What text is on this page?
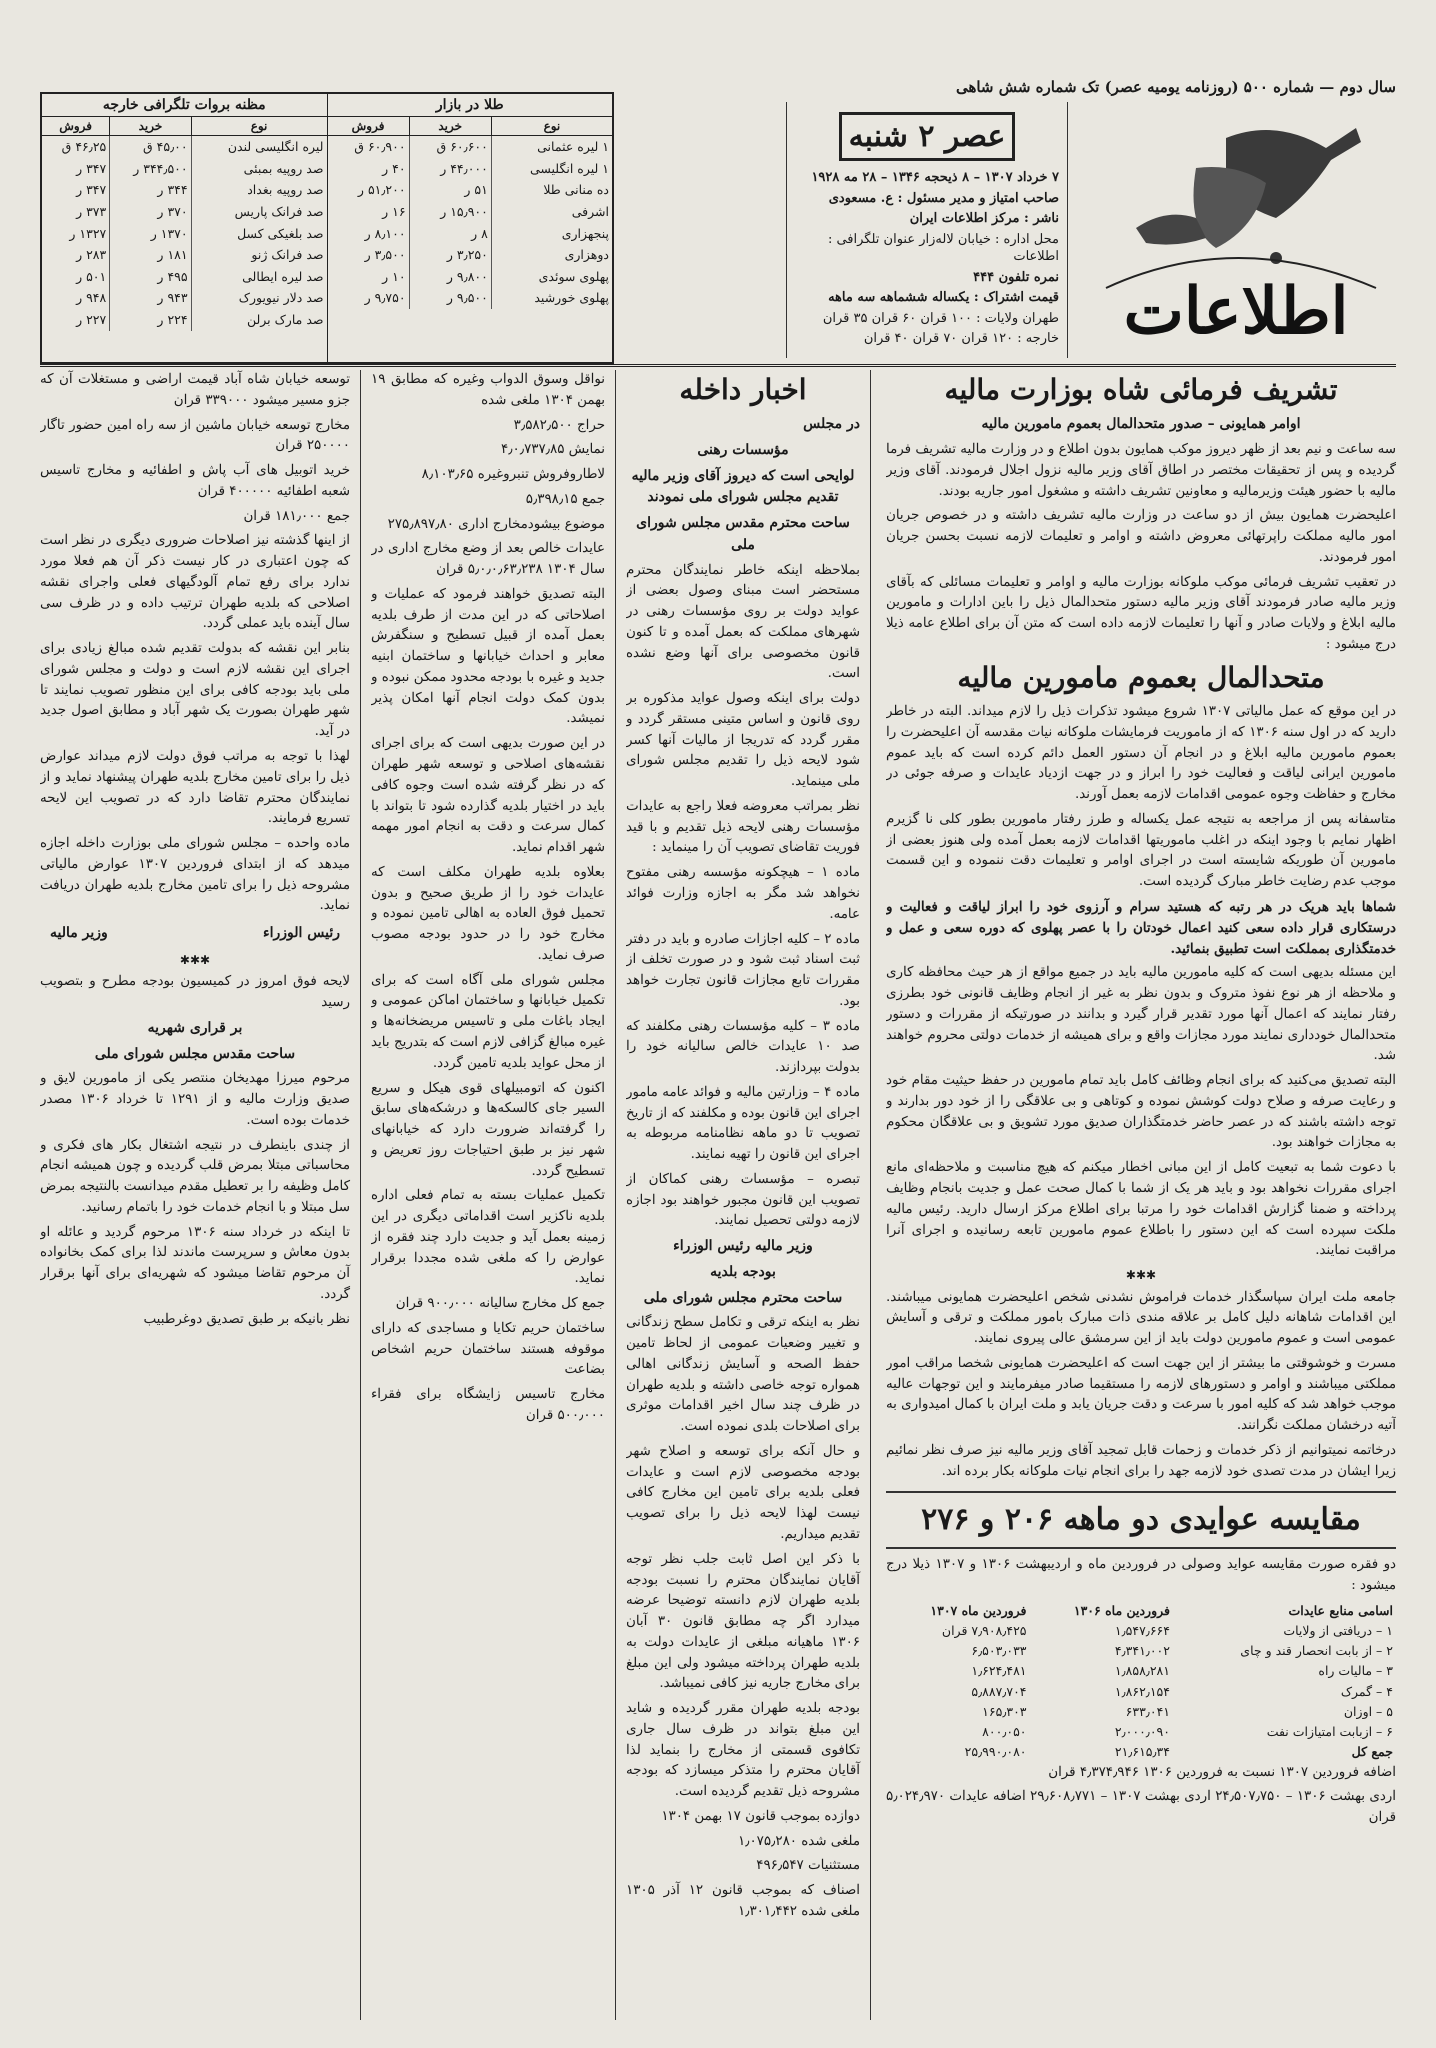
سال دوم — شماره ۵۰۰ (روزنامه یومیه عصر) تک شماره شش شاهی
اطلاعات
عصر ۲ شنبه

۷ خرداد ۱۳۰۷ – ۸ ذیحجه ۱۳۴۶ – ۲۸ مه ۱۹۲۸

صاحب امتیاز و مدیر مسئول : ع. مسعودی

ناشر : مرکز اطلاعات ایران

محل اداره : خیابان لاله‌زار عنوان تلگرافی : اطلاعات

نمره تلفون ۴۴۴

قیمت اشتراک : یکساله ششماهه سه ماهه

طهران ولایات : ۱۰۰ قران ۶۰ قران ۳۵ قران

خارجه : ۱۲۰ قران ۷۰ قران ۴۰ قران

طلا در بازار
نوع	خرید	فروش
۱ لیره عثمانی	۶۰٫۶۰۰ ق	۶۰٫۹۰۰ ق
۱ لیره انگلیسی	۴۴٫۰۰۰ ر	۴۰ ر
ده منانی طلا	۵۱ ر	۵۱٫۲۰۰ ر
اشرفی	۱۵٫۹۰۰ ر	۱۶ ر
پنجهزاری	۸ ر	۸٫۱۰۰ ر
دوهزاری	۳٫۲۵۰ ر	۳٫۵۰۰ ر
پهلوی سوئدی	۹٫۸۰۰ ر	۱۰ ر
پهلوی خورشید	۹٫۵۰۰ ر	۹٫۷۵۰ ر
مظنه بروات تلگرافی خارجه
نوع	خرید	فروش
لیره انگلیسی لندن	۴۵٫۰۰ ق	۴۶٫۲۵ ق
صد روپیه بمبئی	۳۴۴٫۵۰۰ ر	۳۴۷ ر
صد روپیه بغداد	۳۴۴ ر	۳۴۷ ر
صد فرانک پاریس	۳۷۰ ر	۳۷۳ ر
صد بلغیکی کسل	۱۳۷۰ ر	۱۳۲۷ ر
صد فرانک ژنو	۱۸۱ ر	۲۸۳ ر
صد لیره ایطالی	۴۹۵ ر	۵۰۱ ر
صد دلار نیویورک	۹۴۳ ر	۹۴۸ ر
صد مارک برلن	۲۲۴ ر	۲۲۷ ر
تشریف فرمائی شاه بوزارت مالیه
اوامر همایونی – صدور متحدالمال بعموم مامورین مالیه

سه ساعت و نیم بعد از ظهر دیروز موکب همایون بدون اطلاع و در وزارت مالیه تشریف فرما گردیده و پس از تحقیقات مختصر در اطاق آقای وزیر مالیه نزول اجلال فرمودند. آقای وزیر مالیه با حضور هیئت وزیرمالیه و معاونین تشریف داشته و مشغول امور جاریه بودند.

اعلیحضرت همایون بیش از دو ساعت در وزارت مالیه تشریف داشته و در خصوص جریان امور مالیه مملکت راپرتهائی معروض داشته و اوامر و تعلیمات لازمه نسبت بحسن جریان امور فرمودند.

در تعقیب تشریف فرمائی موکب ملوکانه بوزارت مالیه و اوامر و تعلیمات مسائلی که بآقای وزیر مالیه صادر فرمودند آقای وزیر مالیه دستور متحدالمال ذیل را باین ادارات و مامورین مالیه ابلاغ و ولایات صادر و آنها را تعلیمات لازمه داده است که متن آن برای اطلاع عامه ذیلا درج میشود :

متحدالمال بعموم مامورین مالیه

در این موقع که عمل مالیاتی ۱۳۰۷ شروع میشود تذکرات ذیل را لازم میداند. البته در خاطر دارید که در اول سنه ۱۳۰۶ که از ماموریت فرمایشات ملوکانه نیات مقدسه آن اعلیحضرت را بعموم مامورین مالیه ابلاغ و در انجام آن دستور العمل دائم کرده است که باید عموم مامورین ایرانی لیاقت و فعالیت خود را ابراز و در جهت ازدیاد عایدات و صرفه جوئی در مخارج و حفاظت وجوه عمومی اقدامات لازمه بعمل آورند.

متاسفانه پس از مراجعه به نتیجه عمل یکساله و طرز رفتار مامورین بطور کلی نا گزیرم اظهار نمایم با وجود اینکه در اغلب ماموریتها اقدامات لازمه بعمل آمده ولی هنوز بعضی از مامورین آن طوریکه شایسته است در اجرای اوامر و تعلیمات دقت ننموده و این قسمت موجب عدم رضایت خاطر مبارک گردیده است.

شماها باید هریک در هر رتبه که هستید سرام و آرزوی خود را ابراز لیاقت و فعالیت و درستکاری قرار داده سعی کنید اعمال خودتان را با عصر پهلوی که دوره سعی و عمل و خدمتگذاری بمملکت است تطبیق بنمائید.

این مسئله بدیهی است که کلیه مامورین مالیه باید در جمیع مواقع از هر حیث محافظه کاری و ملاحظه از هر نوع نفوذ متروک و بدون نظر به غیر از انجام وظایف قانونی خود بطرزی رفتار نمایند که اعمال آنها مورد تقدیر قرار گیرد و بدانند در صورتیکه از مقررات و دستور متحدالمال خودداری نمایند مورد مجازات واقع و برای همیشه از خدمات دولتی محروم خواهند شد.

البته تصدیق می‌کنید که برای انجام وظائف کامل باید تمام مامورین در حفظ حیثیت مقام خود و رعایت صرفه و صلاح دولت کوشش نموده و کوتاهی و بی علاقگی را از خود دور بدارند و توجه داشته باشند که در عصر حاضر خدمتگذاران صدیق مورد تشویق و بی علاقگان محکوم به مجازات خواهند بود.

با دعوت شما به تبعیت کامل از این مبانی اخطار میکنم که هیچ مناسبت و ملاحظه‌ای مانع اجرای مقررات نخواهد بود و باید هر یک از شما با کمال صحت عمل و جدیت بانجام وظایف پرداخته و ضمنا گزارش اقدامات خود را مرتبا برای اطلاع مرکز ارسال دارید. رئیس مالیه ملکت سپرده است که این دستور را باطلاع عموم مامورین تابعه رسانیده و اجرای آنرا مراقبت نمایند.

✱✱✱

جامعه ملت ایران سپاسگذار خدمات فراموش نشدنی شخص اعلیحضرت همایونی میباشند. این اقدامات شاهانه دلیل کامل بر علاقه مندی ذات مبارک بامور مملکت و ترقی و آسایش عمومی است و عموم مامورین دولت باید از این سرمشق عالی پیروی نمایند.

مسرت و خوشوقتی ما بیشتر از این جهت است که اعلیحضرت همایونی شخصا مراقب امور مملکتی میباشند و اوامر و دستورهای لازمه را مستقیما صادر میفرمایند و این توجهات عالیه موجب خواهد شد که کلیه امور با سرعت و دقت جریان یابد و ملت ایران با کمال امیدواری به آتیه درخشان مملکت نگرانند.

درخاتمه نمیتوانیم از ذکر خدمات و زحمات قابل تمجید آقای وزیر مالیه نیز صرف نظر نمائیم زیرا ایشان در مدت تصدی خود لازمه جهد را برای انجام نیات ملوکانه بکار برده اند.

مقایسه عوایدی دو ماهه ۲۰۶ و ۲۷۶

دو فقره صورت مقایسه عواید وصولی در فروردین ماه و اردیبهشت ۱۳۰۶ و ۱۳۰۷ ذیلا درج میشود :

اسامی منابع عایدات	فروردین ماه ۱۳۰۶	فروردین ماه ۱۳۰۷
۱ – دریافتی از ولایات	۱٫۵۴۷٫۶۶۴	۷٫۹۰۸٫۴۲۵ قران
۲ – از بابت انحصار قند و چای	۴٫۳۴۱٫۰۰۲	۶٫۵۰۳٫۰۳۳
۳ – مالیات راه	۱٫۸۵۸٫۲۸۱	۱٫۶۲۴٫۴۸۱
۴ – گمرک	۱٫۸۶۲٫۱۵۴	۵٫۸۸۷٫۷۰۴
۵ – اوزان	۶۳۳٫۰۴۱	۱۶۵٫۳۰۳
۶ – ازبابت امتیازات نفت	۲٫۰۰۰٫۰۹۰	۸۰۰٫۰۵۰
جمع کل	۲۱٫۶۱۵٫۳۴	۲۵٫۹۹۰٫۰۸۰

اضافه فروردین ۱۳۰۷ نسبت به فروردین ۱۳۰۶ ۴٫۳۷۴٫۹۴۶ قران

اردی بهشت ۱۳۰۶ – ۲۴٫۵۰۷٫۷۵۰ اردی بهشت ۱۳۰۷ – ۲۹٫۶۰۸٫۷۷۱ اضافه عایدات ۵٫۰۲۴٫۹۷۰ قران

اخبار داخله
در مجلس
مؤسسات رهنی
لوایحی است که دیروز آقای وزیر مالیه تقدیم مجلس شورای ملی نمودند
ساحت محترم مقدس مجلس شورای ملی

بملاحظه اینکه خاطر نمایندگان محترم مستحضر است مبنای وصول بعضی از عواید دولت بر روی مؤسسات رهنی در شهرهای مملکت که بعمل آمده و تا کنون قانون مخصوصی برای آنها وضع نشده است.

دولت برای اینکه وصول عواید مذکوره بر روی قانون و اساس متینی مستقر گردد و مقرر گردد که تدریجا از مالیات آنها کسر شود لایحه ذیل را تقدیم مجلس شورای ملی مینماید.

نظر بمراتب معروضه فعلا راجع به عایدات مؤسسات رهنی لایحه ذیل تقدیم و با قید فوریت تقاضای تصویب آن را مینماید :

ماده ۱ – هیچکونه مؤسسه رهنی مفتوح نخواهد شد مگر به اجازه وزارت فوائد عامه.

ماده ۲ – کلیه اجازات صادره و باید در دفتر ثبت اسناد ثبت شود و در صورت تخلف از مقررات تابع مجازات قانون تجارت خواهد بود.

ماده ۳ – کلیه مؤسسات رهنی مکلفند که صد ۱۰ عایدات خالص سالیانه خود را بدولت بپردازند.

ماده ۴ – وزارتین مالیه و فوائد عامه مامور اجرای این قانون بوده و مکلفند که از تاریخ تصویب تا دو ماهه نظامنامه مربوطه به اجرای این قانون را تهیه نمایند.

تبصره – مؤسسات رهنی کماکان از تصویب این قانون مجبور خواهند بود اجازه لازمه دولتی تحصیل نمایند.

وزیر مالیه رئیس الوزراء
بودجه بلدیه
ساحت محترم مجلس شورای ملی

نظر به اینکه ترقی و تکامل سطح زندگانی و تغییر وضعیات عمومی از لحاظ تامین حفظ الصحه و آسایش زندگانی اهالی همواره توجه خاصی داشته و بلدیه طهران در ظرف چند سال اخیر اقدامات موثری برای اصلاحات بلدی نموده است.

و حال آنکه برای توسعه و اصلاح شهر بودجه مخصوصی لازم است و عایدات فعلی بلدیه برای تامین این مخارج کافی نیست لهذا لایحه ذیل را برای تصویب تقدیم میداریم.

با ذکر این اصل ثابت جلب نظر توجه آقایان نمایندگان محترم را نسبت بودجه بلدیه طهران لازم دانسته توضیحا عرضه میدارد اگر چه مطابق قانون ۳۰ آبان ۱۳۰۶ ماهیانه مبلغی از عایدات دولت به بلدیه طهران پرداخته میشود ولی این مبلغ برای مخارج جاریه نیز کافی نمیباشد.

بودجه بلدیه طهران مقرر گردیده و شاید این مبلغ بتواند در ظرف سال جاری تکافوی قسمتی از مخارج را بنماید لذا آقایان محترم را متذکر میسازد که بودجه مشروحه ذیل تقدیم گردیده است.

دوازده بموجب قانون ۱۷ بهمن ۱۳۰۴

ملغی شده ۱٫۰۷۵٫۲۸۰

مستثنیات ۴۹۶٫۵۴۷

اصناف که بموجب قانون ۱۲ آذر ۱۳۰۵ ملغی شده ۱٫۳۰۱٫۴۴۲

نواقل وسوق الدواب وغیره که مطابق ۱۹ بهمن ۱۳۰۴ ملغی شده

حراج ۳٫۵۸۲٫۵۰۰

نمایش ۴٫۰٫۷۳۷٫۸۵

لاطاروفروش تنبروغیره ۸٫۱۰۳٫۶۵

جمع ۵٫۳۹۸٫۱۵

موضوع بیشودمخارج اداری ۲۷۵٫۸۹۷٫۸۰

عایدات خالص بعد از وضع مخارج اداری در سال ۱۳۰۴ ۵٫۰٫۰٫۶۳٫۲۳۸ قران

البته تصدیق خواهند فرمود که عملیات و اصلاحاتی که در این مدت از طرف بلدیه بعمل آمده از قبیل تسطیح و سنگفرش معابر و احداث خیابانها و ساختمان ابنیه جدید و غیره با بودجه محدود ممکن نبوده و بدون کمک دولت انجام آنها امکان پذیر نمیشد.

در این صورت بدیهی است که برای اجرای نقشه‌های اصلاحی و توسعه شهر طهران که در نظر گرفته شده است وجوه کافی باید در اختیار بلدیه گذارده شود تا بتواند با کمال سرعت و دقت به انجام امور مهمه شهر اقدام نماید.

بعلاوه بلدیه طهران مکلف است که عایدات خود را از طریق صحیح و بدون تحمیل فوق العاده به اهالی تامین نموده و مخارج خود را در حدود بودجه مصوب صرف نماید.

مجلس شورای ملی آگاه است که برای تکمیل خیابانها و ساختمان اماکن عمومی و ایجاد باغات ملی و تاسیس مریضخانه‌ها و غیره مبالغ گزافی لازم است که بتدریج باید از محل عواید بلدیه تامین گردد.

اکنون که اتومبیلهای قوی هیکل و سریع السیر جای کالسکه‌ها و درشکه‌های سابق را گرفته‌اند ضرورت دارد که خیابانهای شهر نیز بر طبق احتیاجات روز تعریض و تسطیح گردد.

تکمیل عملیات بسته به تمام فعلی اداره بلدیه ناکزیر است اقداماتی دیگری در این زمینه بعمل آید و جدیت دارد چند فقره از عوارض را که ملغی شده مجددا برقرار نماید.

جمع کل مخارج سالیانه ۹۰۰٫۰۰۰ قران

ساختمان حریم تکایا و مساجدی که دارای موقوفه هستند ساختمان حریم اشخاص بضاعت

مخارج تاسیس زایشگاه برای فقراء ۵۰۰٫۰۰۰ قران

توسعه خیابان شاه آباد قیمت اراضی و مستغلات آن که جزو مسیر میشود ۳۳۹۰۰۰ قران

مخارج توسعه خیابان ماشین از سه راه امین حضور تاگار ۲۵۰۰۰۰ قران

خرید اتوبیل های آب پاش و اطفائیه و مخارج تاسیس شعبه اطفائیه ۴۰۰۰۰۰ قران

جمع ۱۸۱٫۰۰۰ قران

از اینها گذشته نیز اصلاحات ضروری دیگری در نظر است که چون اعتباری در کار نیست ذکر آن هم فعلا مورد ندارد برای رفع تمام آلودگیهای فعلی واجرای نقشه اصلاحی که بلدیه طهران ترتیب داده و در ظرف سی سال آینده باید عملی گردد.

بنابر این نقشه که بدولت تقدیم شده مبالغ زیادی برای اجرای این نقشه لازم است و دولت و مجلس شورای ملی باید بودجه کافی برای این منظور تصویب نمایند تا شهر طهران بصورت یک شهر آباد و مطابق اصول جدید در آید.

لهذا با توجه به مراتب فوق دولت لازم میداند عوارض ذیل را برای تامین مخارج بلدیه طهران پیشنهاد نماید و از نمایندگان محترم تقاضا دارد که در تصویب این لایحه تسریع فرمایند.

ماده واحده – مجلس شورای ملی بوزارت داخله اجازه میدهد که از ابتدای فروردین ۱۳۰۷ عوارض مالیاتی مشروحه ذیل را برای تامین مخارج بلدیه طهران دریافت نماید.

رئیس الوزراء
وزیر مالیه
✱✱✱

لایحه فوق امروز در کمیسیون بودجه مطرح و بتصویب رسید

بر قراری شهریه
ساحت مقدس مجلس شورای ملی

مرحوم میرزا مهدیخان منتصر یکی از مامورین لایق و صدیق وزارت مالیه و از ۱۲۹۱ تا خرداد ۱۳۰۶ مصدر خدمات بوده است.

از چندی باینطرف در نتیجه اشتغال بکار های فکری و محاسباتی مبتلا بمرض قلب گردیده و چون همیشه انجام کامل وظیفه را بر تعطیل مقدم میدانست بالنتیجه بمرض سل مبتلا و با انجام خدمات خود را باتمام رسانید.

تا اینکه در خرداد سنه ۱۳۰۶ مرحوم گردید و عائله او بدون معاش و سرپرست ماندند لذا برای کمک بخانواده آن مرحوم تقاضا میشود که شهریه‌ای برای آنها برقرار گردد.

نظر بانیکه بر طبق تصدیق دوغرطبیب
